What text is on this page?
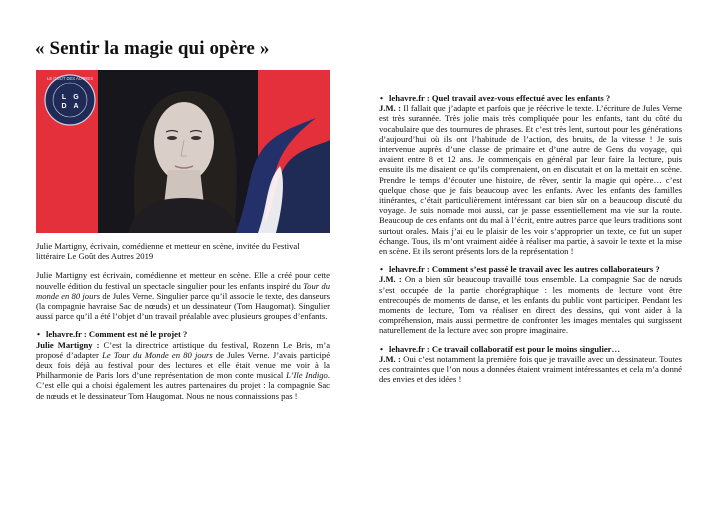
« Sentir la magie qui opère »
LE GOÛT DES AUTRES
L G
D A

Julie Martigny, écrivain, comédienne et metteur en scène, invitée du Festival littéraire Le Goût des Autres 2019

Julie Martigny est écrivain, comédienne et metteur en scène. Elle a créé pour cette nouvelle édition du festival un spectacle singulier pour les enfants inspiré du Tour du monde en 80 jours de Jules Verne. Singulier parce qu’il associe le texte, des danseurs (la compagnie havraise Sac de nœuds) et un dessinateur (Tom Haugomat). Singulier aussi parce qu’il a été l’objet d’un travail préalable avec plusieurs groupes d’enfants.

• lehavre.fr : Comment est né le projet ?

Julie Martigny : C’est la directrice artistique du festival, Rozenn Le Bris, m’a proposé d’adapter Le Tour du Monde en 80 jours de Jules Verne. J’avais participé deux fois déjà au festival pour des lectures et elle était venue me voir à la Philharmonie de Paris lors d’une représentation de mon conte musical L’Ile Indigo. C’est elle qui a choisi également les autres partenaires du projet : la compagnie Sac de nœuds et le dessinateur Tom Haugomat. Nous ne nous connaissions pas !

• lehavre.fr : Quel travail avez-vous effectué avec les enfants ?

J.M. : Il fallait que j’adapte et parfois que je réécrive le texte. L’écriture de Jules Verne est très surannée. Très jolie mais très compliquée pour les enfants, tant du côté du vocabulaire que des tournures de phrases. Et c’est très lent, surtout pour les générations d’aujourd’hui où ils ont l’habitude de l’action, des bruits, de la vitesse ! Je suis intervenue auprès d’une classe de primaire et d’une autre de Gens du voyage, qui avaient entre 8 et 12 ans. Je commençais en général par leur faire la lecture, puis ensuite ils me disaient ce qu’ils comprenaient, on en discutait et on la mettait en scène. Prendre le temps d’écouter une histoire, de rêver, sentir la magie qui opère… c’est quelque chose que je fais beaucoup avec les enfants. Avec les enfants des familles itinérantes, c’était particulièrement intéressant car bien sûr on a beaucoup discuté du voyage. Je suis nomade moi aussi, car je passe essentiellement ma vie sur la route. Beaucoup de ces enfants ont du mal à l’écrit, entre autres parce que leurs traditions sont surtout orales. Mais j’ai eu le plaisir de les voir s’approprier un texte, ce fut un super échange. Tous, ils m’ont vraiment aidée à réaliser ma partie, à savoir le texte et la mise en scène. Et ils seront présents lors de la représentation !

• lehavre.fr : Comment s’est passé le travail avec les autres collaborateurs ?

J.M. : On a bien sûr beaucoup travaillé tous ensemble. La compagnie Sac de nœuds s’est occupée de la partie chorégraphique : les moments de lecture vont être entrecoupés de moments de danse, et les enfants du public vont participer. Pendant les moments de lecture, Tom va réaliser en direct des dessins, qui vont aider à la compréhension, mais aussi permettre de confronter les images mentales qui surgissent naturellement de la lecture avec son propre imaginaire.

• lehavre.fr : Ce travail collaboratif est pour le moins singulier…

J.M. : Oui c’est notamment la première fois que je travaille avec un dessinateur. Toutes ces contraintes que l’on nous a données étaient vraiment intéressantes et cela m’a donné des envies et des idées !
